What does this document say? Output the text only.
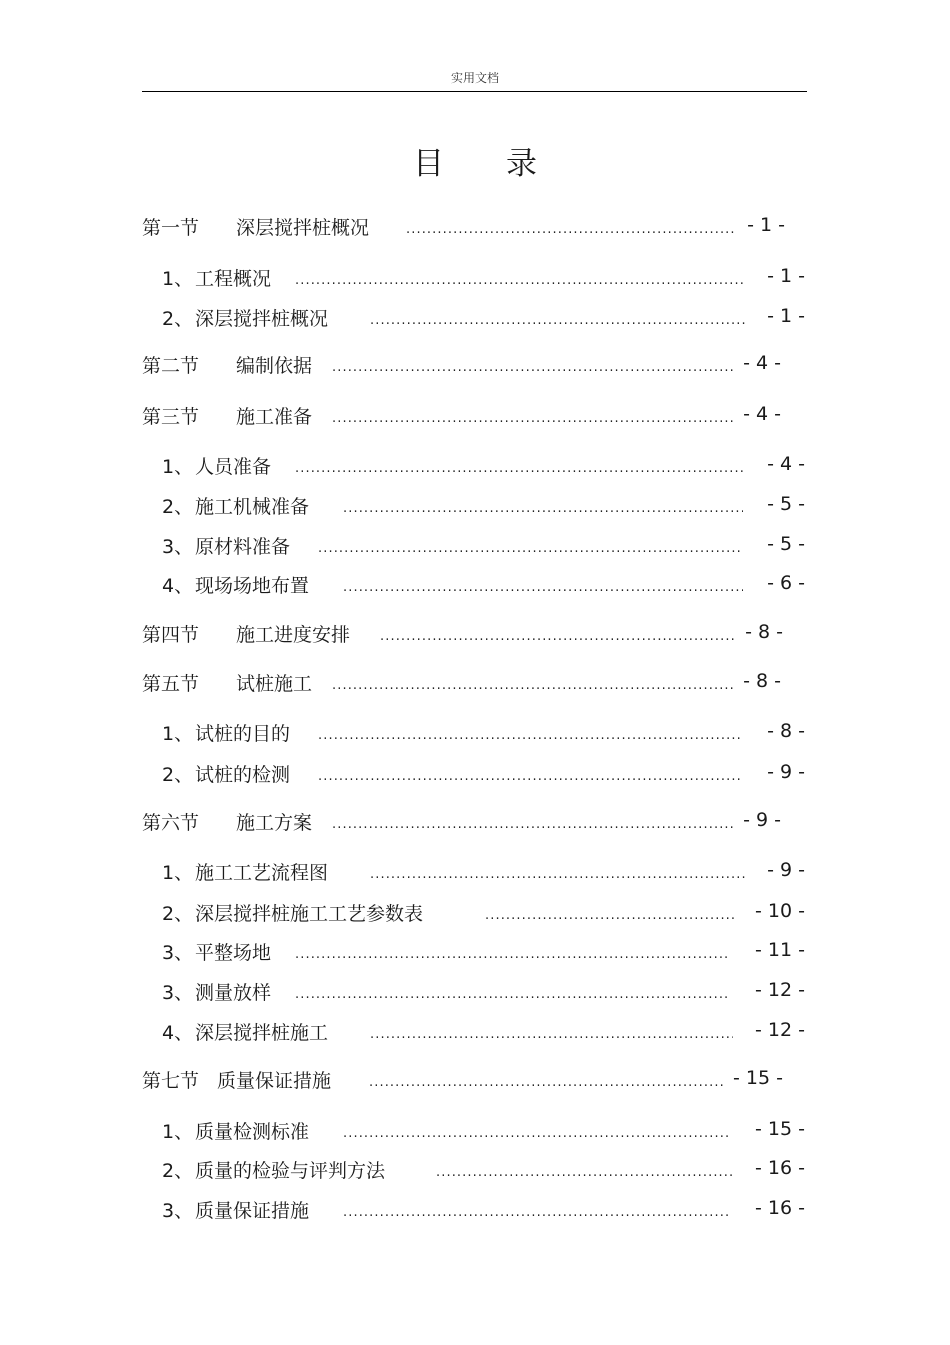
实用文档
目 录
第一节	深层搅拌桩概况 .....	- 1 -
1、 工程概况 .....	- 1 -
2、 深层搅拌桩概况 .....	- 1 -
第二节	编制依据 .....	- 4 -
第三节	施工准备 .....	- 4 -
1、 人员准备 .....	- 4 -
2、 施工机械准备 .....	- 5 -
3、 原材料准备 .....	- 5 -
4、 现场场地布置 .....	- 6 -
第四节	施工进度安排 .....	- 8 -
第五节	试桩施工 .....	- 8 -
1、 试桩的目的 .....	- 8 -
2、 试桩的检测 .....	- 9 -
第六节	施工方案 .....	- 9 -
1、 施工工艺流程图 .....	- 9 -
2、 深层搅拌桩施工工艺参数表 .....	- 10 -
3、 平整场地 .....	- 11 -
3、 测量放样 .....	- 12 -
4、 深层搅拌桩施工 .....	- 12 -
第七节 质量保证措施 .....	- 15 -
1、 质量检测标准 .....	- 15 -
2、 质量的检验与评判方法 .....	- 16 -
3、 质量保证措施 .....	- 16 -
